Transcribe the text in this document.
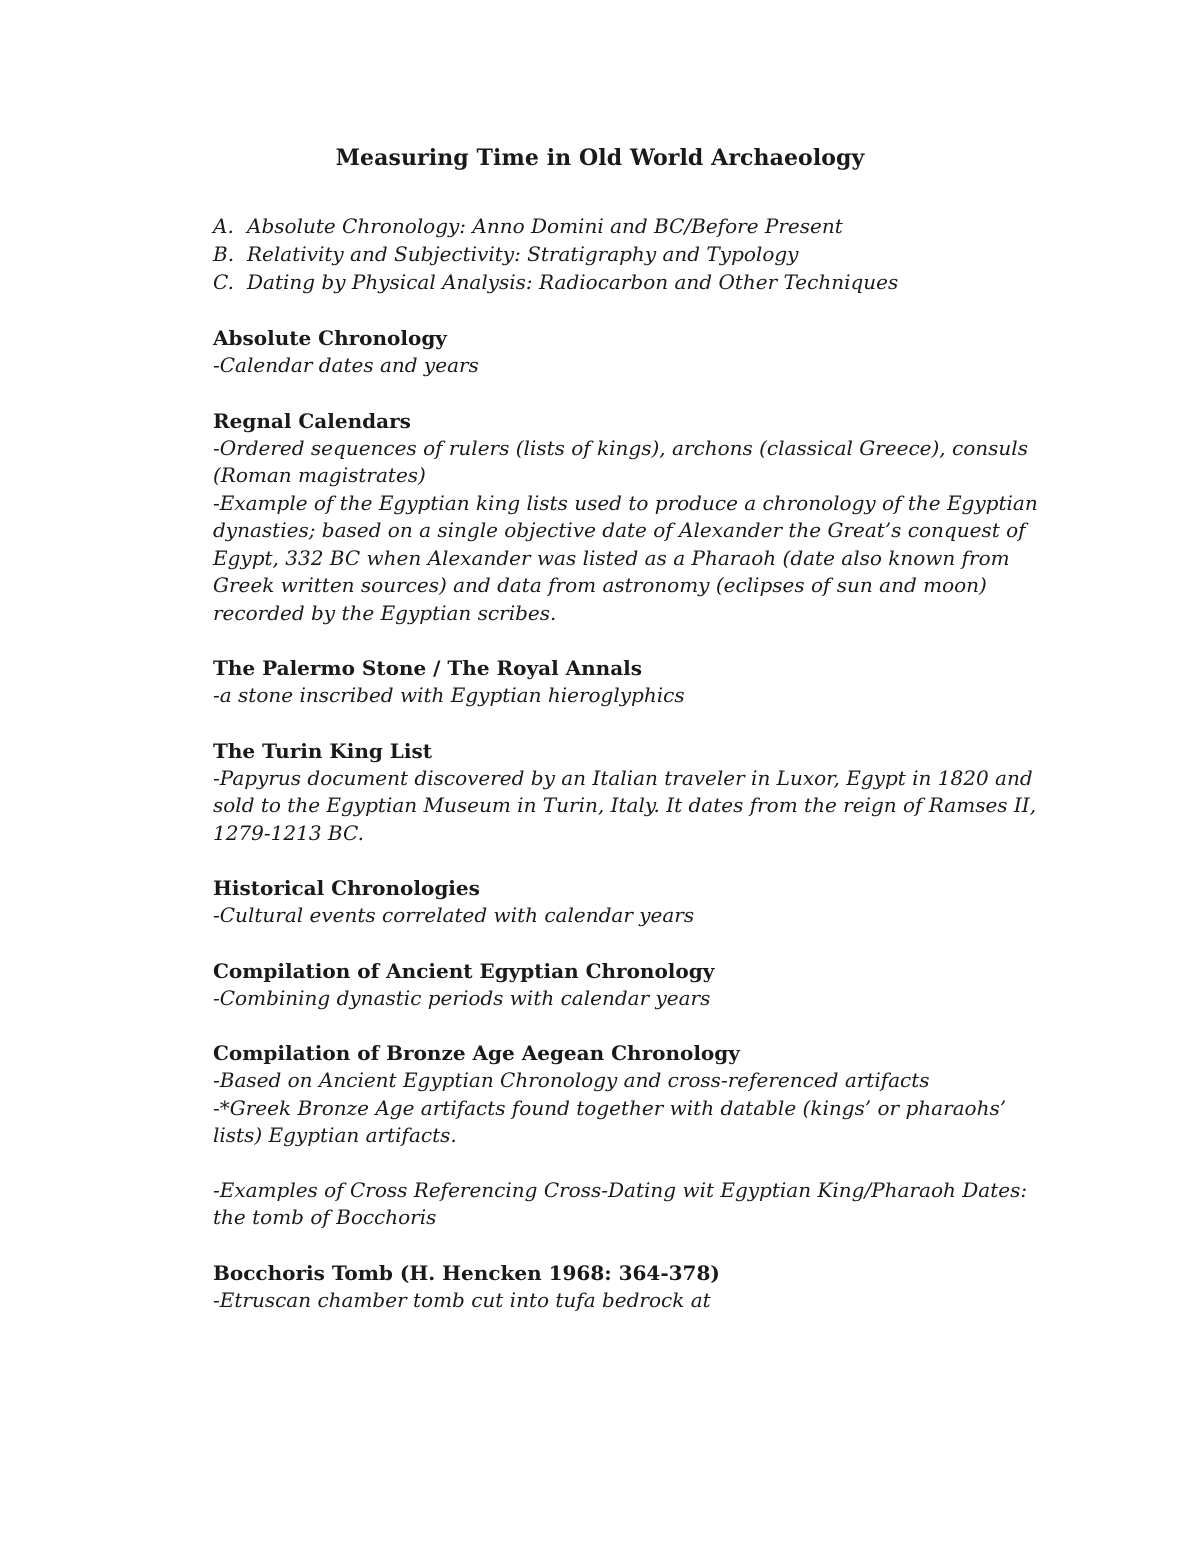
Measuring Time in Old World Archaeology
A. Absolute Chronology: Anno Domini and BC/Before Present
B. Relativity and Subjectivity: Stratigraphy and Typology
C. Dating by Physical Analysis: Radiocarbon and Other Techniques
Absolute Chronology

-Calendar dates and years

Regnal Calendars

-Ordered sequences of rulers (lists of kings), archons (classical Greece), consuls (Roman magistrates)

-Example of the Egyptian king lists used to produce a chronology of the Egyptian dynasties; based on a single objective date of Alexander the Great’s conquest of Egypt, 332 BC when Alexander was listed as a Pharaoh (date also known from Greek written sources) and data from astronomy (eclipses of sun and moon) recorded by the Egyptian scribes.

The Palermo Stone / The Royal Annals

-a stone inscribed with Egyptian hieroglyphics

The Turin King List

-Papyrus document discovered by an Italian traveler in Luxor, Egypt in 1820 and sold to the Egyptian Museum in Turin, Italy. It dates from the reign of Ramses II, 1279-1213 BC.

Historical Chronologies

-Cultural events correlated with calendar years

Compilation of Ancient Egyptian Chronology

-Combining dynastic periods with calendar years

Compilation of Bronze Age Aegean Chronology

-Based on Ancient Egyptian Chronology and cross-referenced artifacts

-*Greek Bronze Age artifacts found together with datable (kings’ or pharaohs’ lists) Egyptian artifacts.

-Examples of Cross Referencing Cross-Dating wit Egyptian King/Pharaoh Dates: the tomb of Bocchoris

Bocchoris Tomb (H. Hencken 1968: 364-378)

-Etruscan chamber tomb cut into tufa bedrock at
